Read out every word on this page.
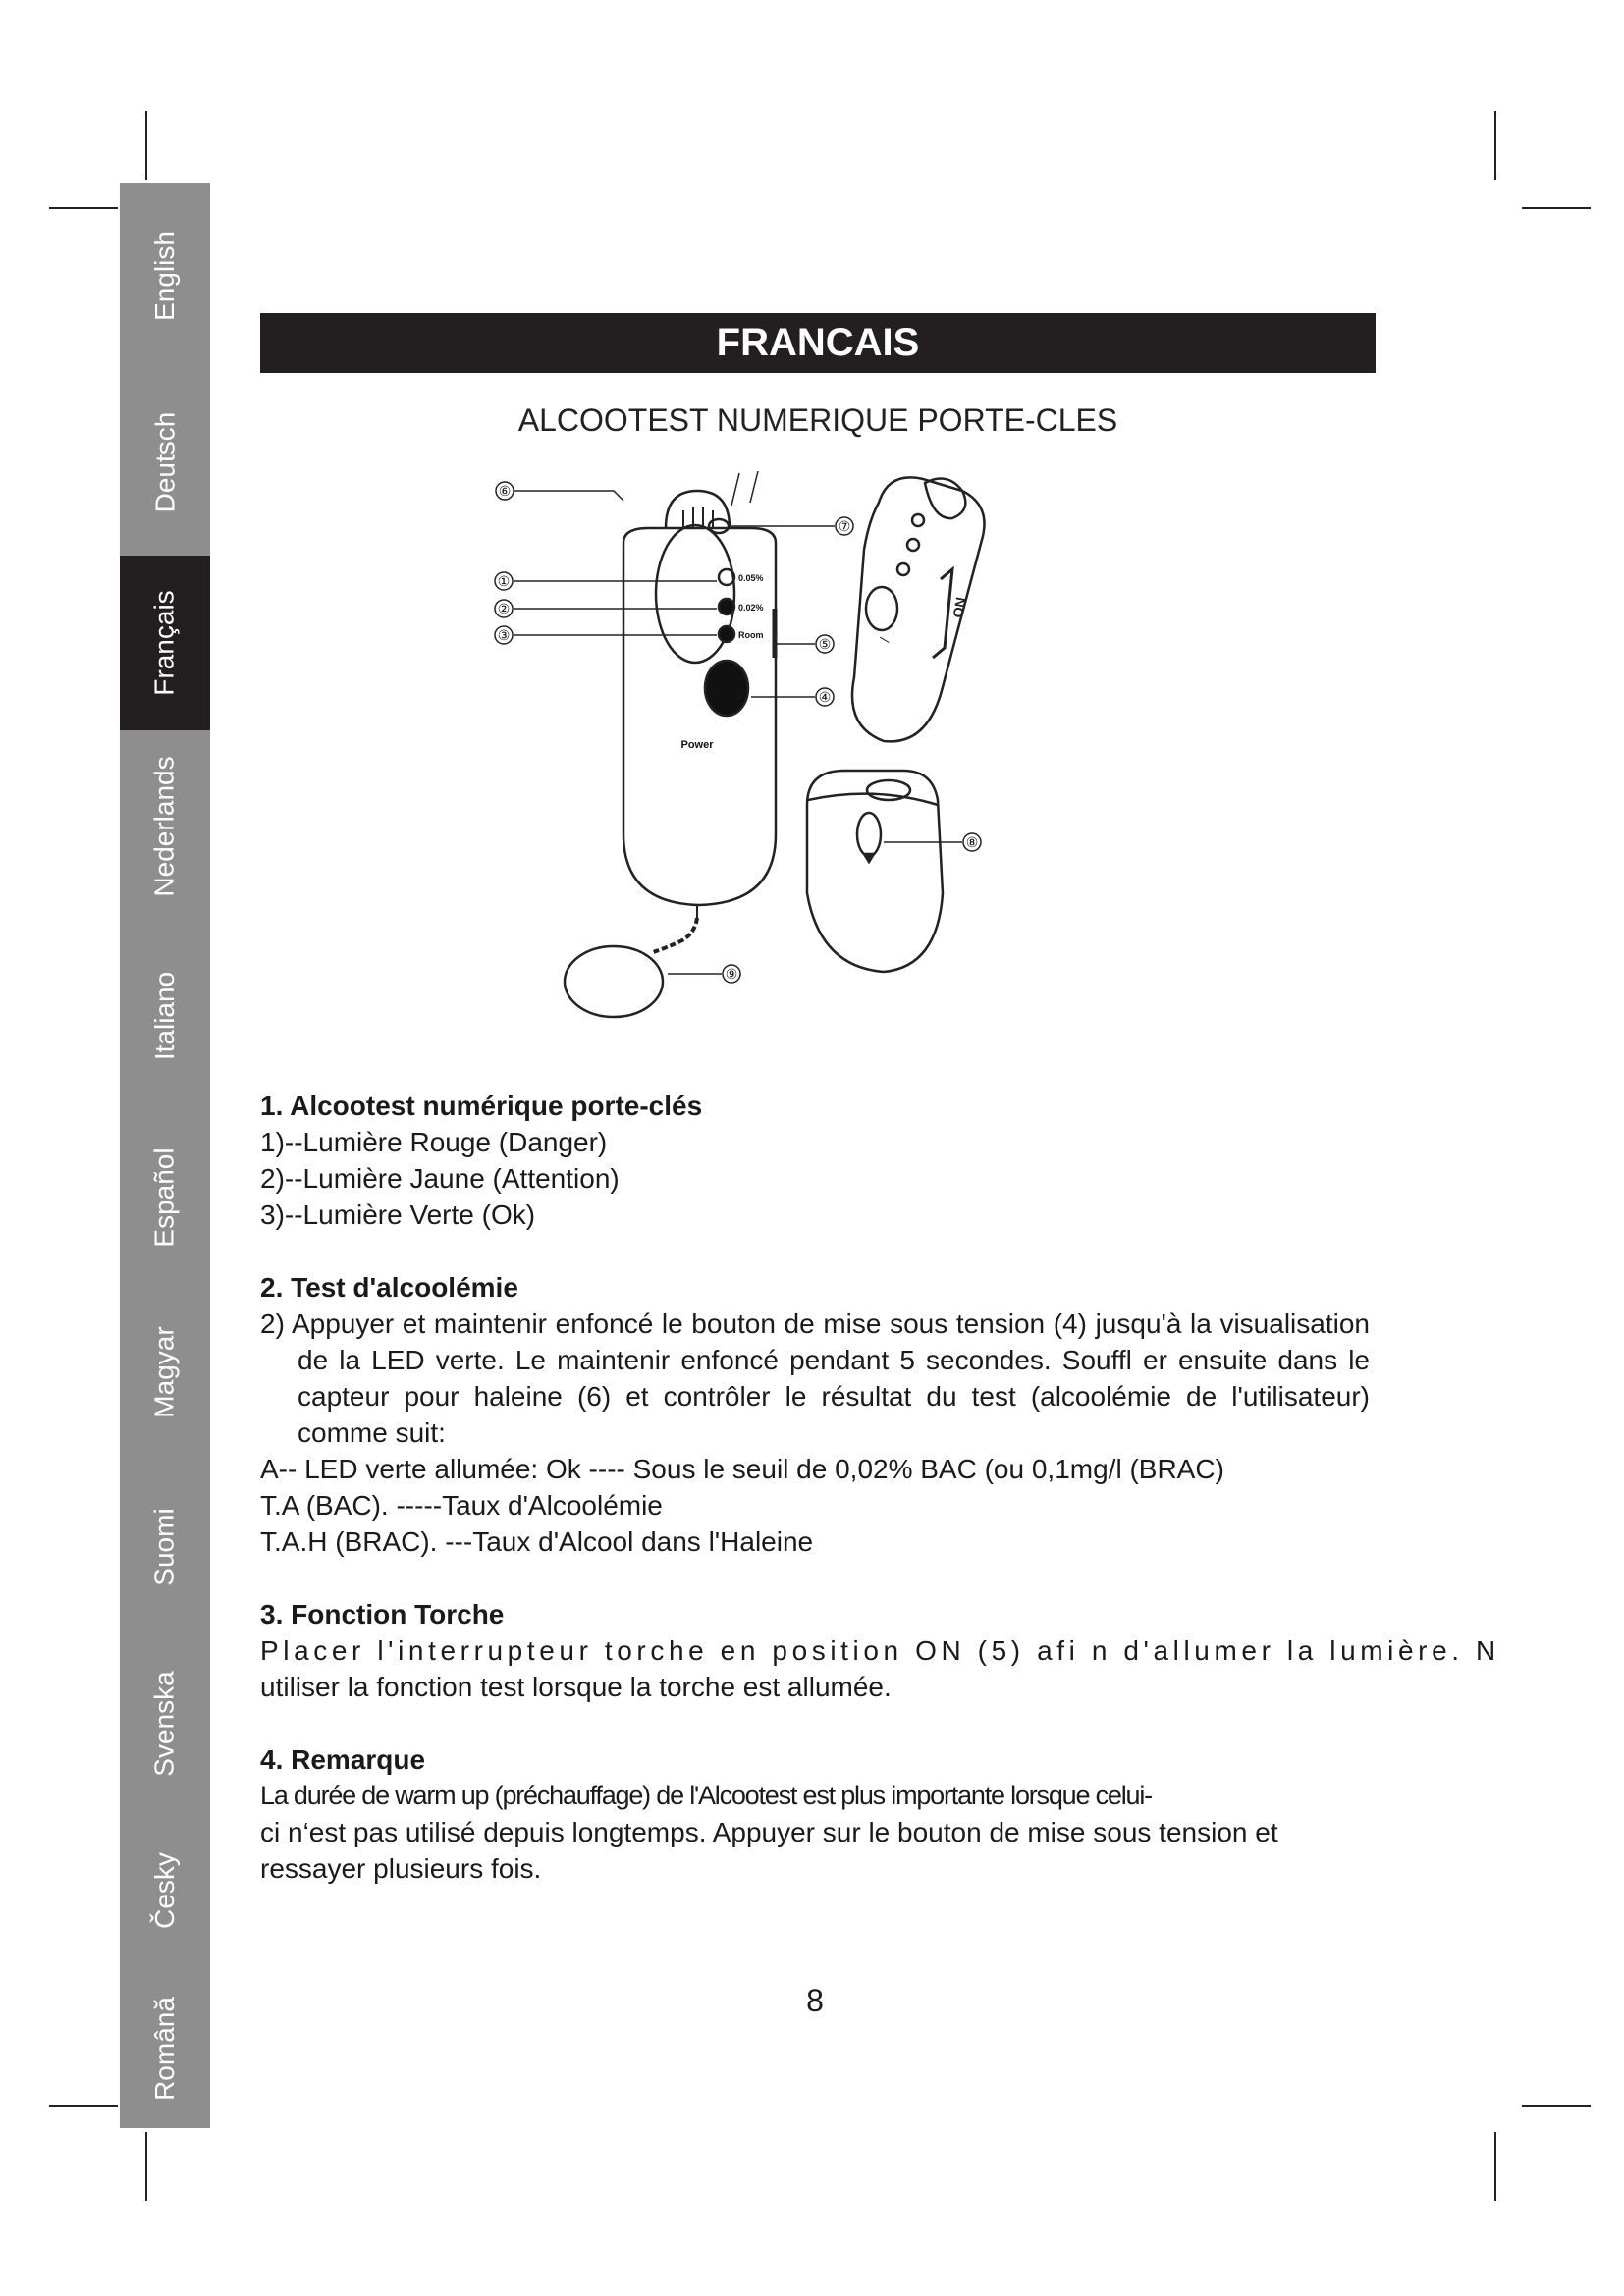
English
Deutsch
Français
Nederlands
Italiano
Español
Magyar
Suomi
Svenska
Česky
Română
FRANCAIS
ALCOOTEST NUMERIQUE PORTE-CLES
/
ON
⑥
①
②
③
⑤
④
⑦
⑧
⑨
0.05%
0.02%
Room
Power
1. Alcootest numérique porte-clés

1)--Lumière Rouge (Danger)

2)--Lumière Jaune (Attention)

3)--Lumière Verte (Ok)

2. Test d'alcoolémie

2) Appuyer et maintenir enfoncé le bouton de mise sous tension (4) jusqu'à la visualisation de la LED verte. Le maintenir enfoncé pendant 5 secondes. Souffl er ensuite dans le capteur pour haleine (6) et contrôler le résultat du test (alcoolémie de l'utilisateur) comme suit:

A-- LED verte allumée: Ok ---- Sous le seuil de 0,02% BAC (ou 0,1mg/l (BRAC)

T.A (BAC). -----Taux d'Alcoolémie

T.A.H (BRAC). ---Taux d'Alcool dans l'Haleine

3. Fonction Torche

Placer l'interrupteur torche en position ON (5) afi n d'allumer la lumière. N

utiliser la fonction test lorsque la torche est allumée.

4. Remarque

La durée de warm up (préchauffage) de l'Alcootest est plus importante lorsque celui-

ci n‘est pas utilisé depuis longtemps. Appuyer sur le bouton de mise sous tension et

ressayer plusieurs fois.

8
